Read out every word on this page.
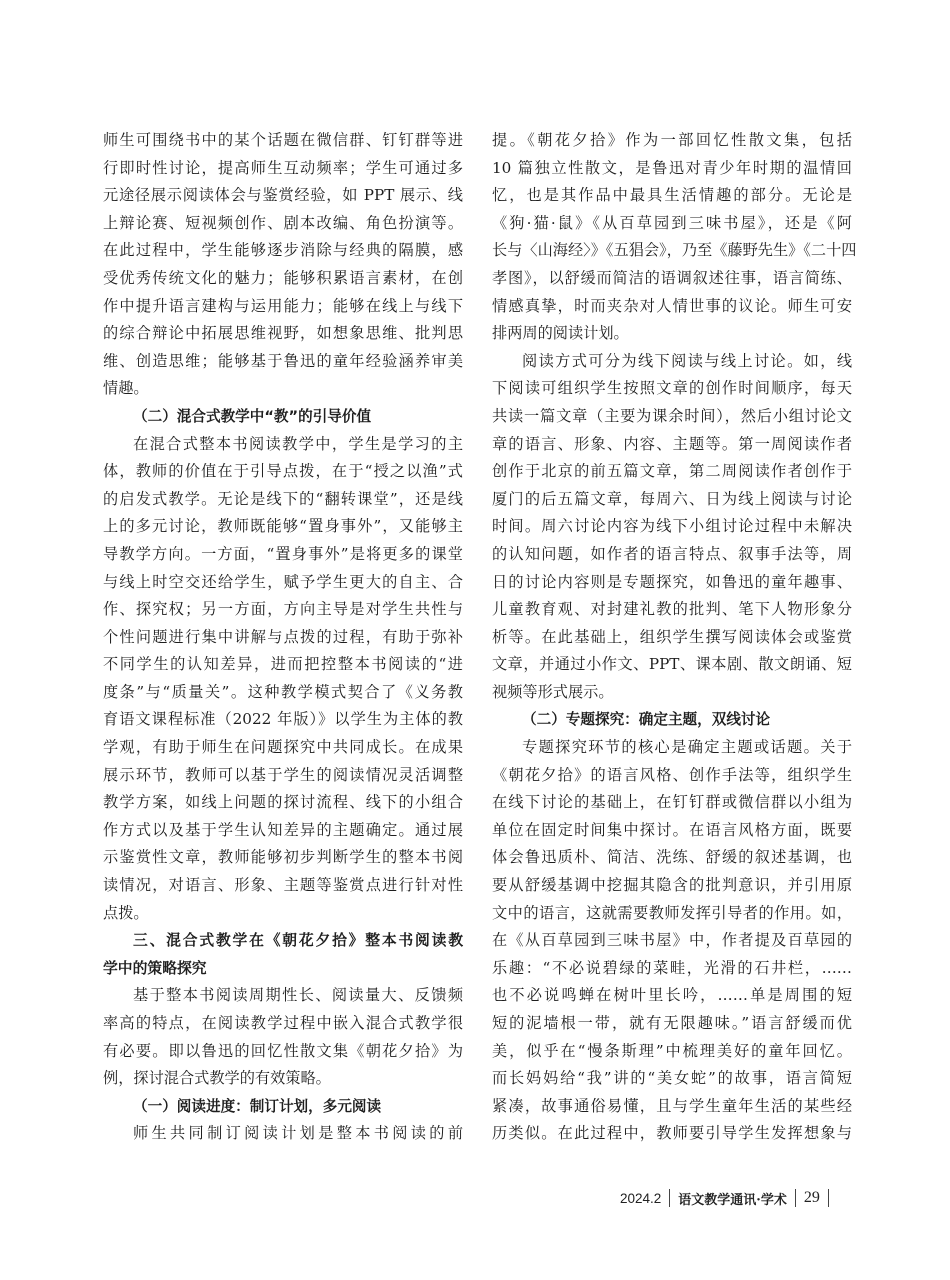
师生可围绕书中的某个话题在微信群、钉钉群等进
行即时性讨论，提高师生互动频率；学生可通过多
元途径展示阅读体会与鉴赏经验，如 PPT 展示、线
上辩论赛、短视频创作、剧本改编、角色扮演等。
在此过程中，学生能够逐步消除与经典的隔膜，感
受优秀传统文化的魅力；能够积累语言素材，在创
作中提升语言建构与运用能力；能够在线上与线下
的综合辩论中拓展思维视野，如想象思维、批判思
维、创造思维；能够基于鲁迅的童年经验涵养审美
情趣。
（二）混合式教学中“教”的引导价值
在混合式整本书阅读教学中，学生是学习的主
体，教师的价值在于引导点拨，在于“授之以渔”式
的启发式教学。无论是线下的“翻转课堂”，还是线
上的多元讨论，教师既能够“置身事外”，又能够主
导教学方向。一方面，“置身事外”是将更多的课堂
与线上时空交还给学生，赋予学生更大的自主、合
作、探究权；另一方面，方向主导是对学生共性与
个性问题进行集中讲解与点拨的过程，有助于弥补
不同学生的认知差异，进而把控整本书阅读的“进
度条”与“质量关”。这种教学模式契合了《义务教
育语文课程标准（2022 年版）》以学生为主体的教
学观，有助于师生在问题探究中共同成长。在成果
展示环节，教师可以基于学生的阅读情况灵活调整
教学方案，如线上问题的探讨流程、线下的小组合
作方式以及基于学生认知差异的主题确定。通过展
示鉴赏性文章，教师能够初步判断学生的整本书阅
读情况，对语言、形象、主题等鉴赏点进行针对性
点拨。
三、混合式教学在《朝花夕拾》整本书阅读教
学中的策略探究
基于整本书阅读周期性长、阅读量大、反馈频
率高的特点，在阅读教学过程中嵌入混合式教学很
有必要。即以鲁迅的回忆性散文集《朝花夕拾》为
例，探讨混合式教学的有效策略。
（一）阅读进度：制订计划，多元阅读
师生共同制订阅读计划是整本书阅读的前
提。《朝花夕拾》作为一部回忆性散文集，包括
10 篇独立性散文，是鲁迅对青少年时期的温情回
忆，也是其作品中最具生活情趣的部分。无论是
《狗·猫·鼠》《从百草园到三味书屋》，还是《阿
长与〈山海经〉》《五猖会》，乃至《藤野先生》《二十四
孝图》，以舒缓而简洁的语调叙述往事，语言简练、
情感真挚，时而夹杂对人情世事的议论。师生可安
排两周的阅读计划。
阅读方式可分为线下阅读与线上讨论。如，线
下阅读可组织学生按照文章的创作时间顺序，每天
共读一篇文章（主要为课余时间），然后小组讨论文
章的语言、形象、内容、主题等。第一周阅读作者
创作于北京的前五篇文章，第二周阅读作者创作于
厦门的后五篇文章，每周六、日为线上阅读与讨论
时间。周六讨论内容为线下小组讨论过程中未解决
的认知问题，如作者的语言特点、叙事手法等，周
日的讨论内容则是专题探究，如鲁迅的童年趣事、
儿童教育观、对封建礼教的批判、笔下人物形象分
析等。在此基础上，组织学生撰写阅读体会或鉴赏
文章，并通过小作文、PPT、课本剧、散文朗诵、短
视频等形式展示。
（二）专题探究：确定主题，双线讨论
专题探究环节的核心是确定主题或话题。关于
《朝花夕拾》的语言风格、创作手法等，组织学生
在线下讨论的基础上，在钉钉群或微信群以小组为
单位在固定时间集中探讨。在语言风格方面，既要
体会鲁迅质朴、简洁、洗练、舒缓的叙述基调，也
要从舒缓基调中挖掘其隐含的批判意识，并引用原
文中的语言，这就需要教师发挥引导者的作用。如，
在《从百草园到三味书屋》中，作者提及百草园的
乐趣：“不必说碧绿的菜畦，光滑的石井栏，……
也不必说鸣蝉在树叶里长吟，……单是周围的短
短的泥墙根一带，就有无限趣味。”语言舒缓而优
美，似乎在“慢条斯理”中梳理美好的童年回忆。
而长妈妈给“我”讲的“美女蛇”的故事，语言简短
紧凑，故事通俗易懂，且与学生童年生活的某些经
历类似。在此过程中，教师要引导学生发挥想象与
2024.2 语文教学通讯·学术 29
